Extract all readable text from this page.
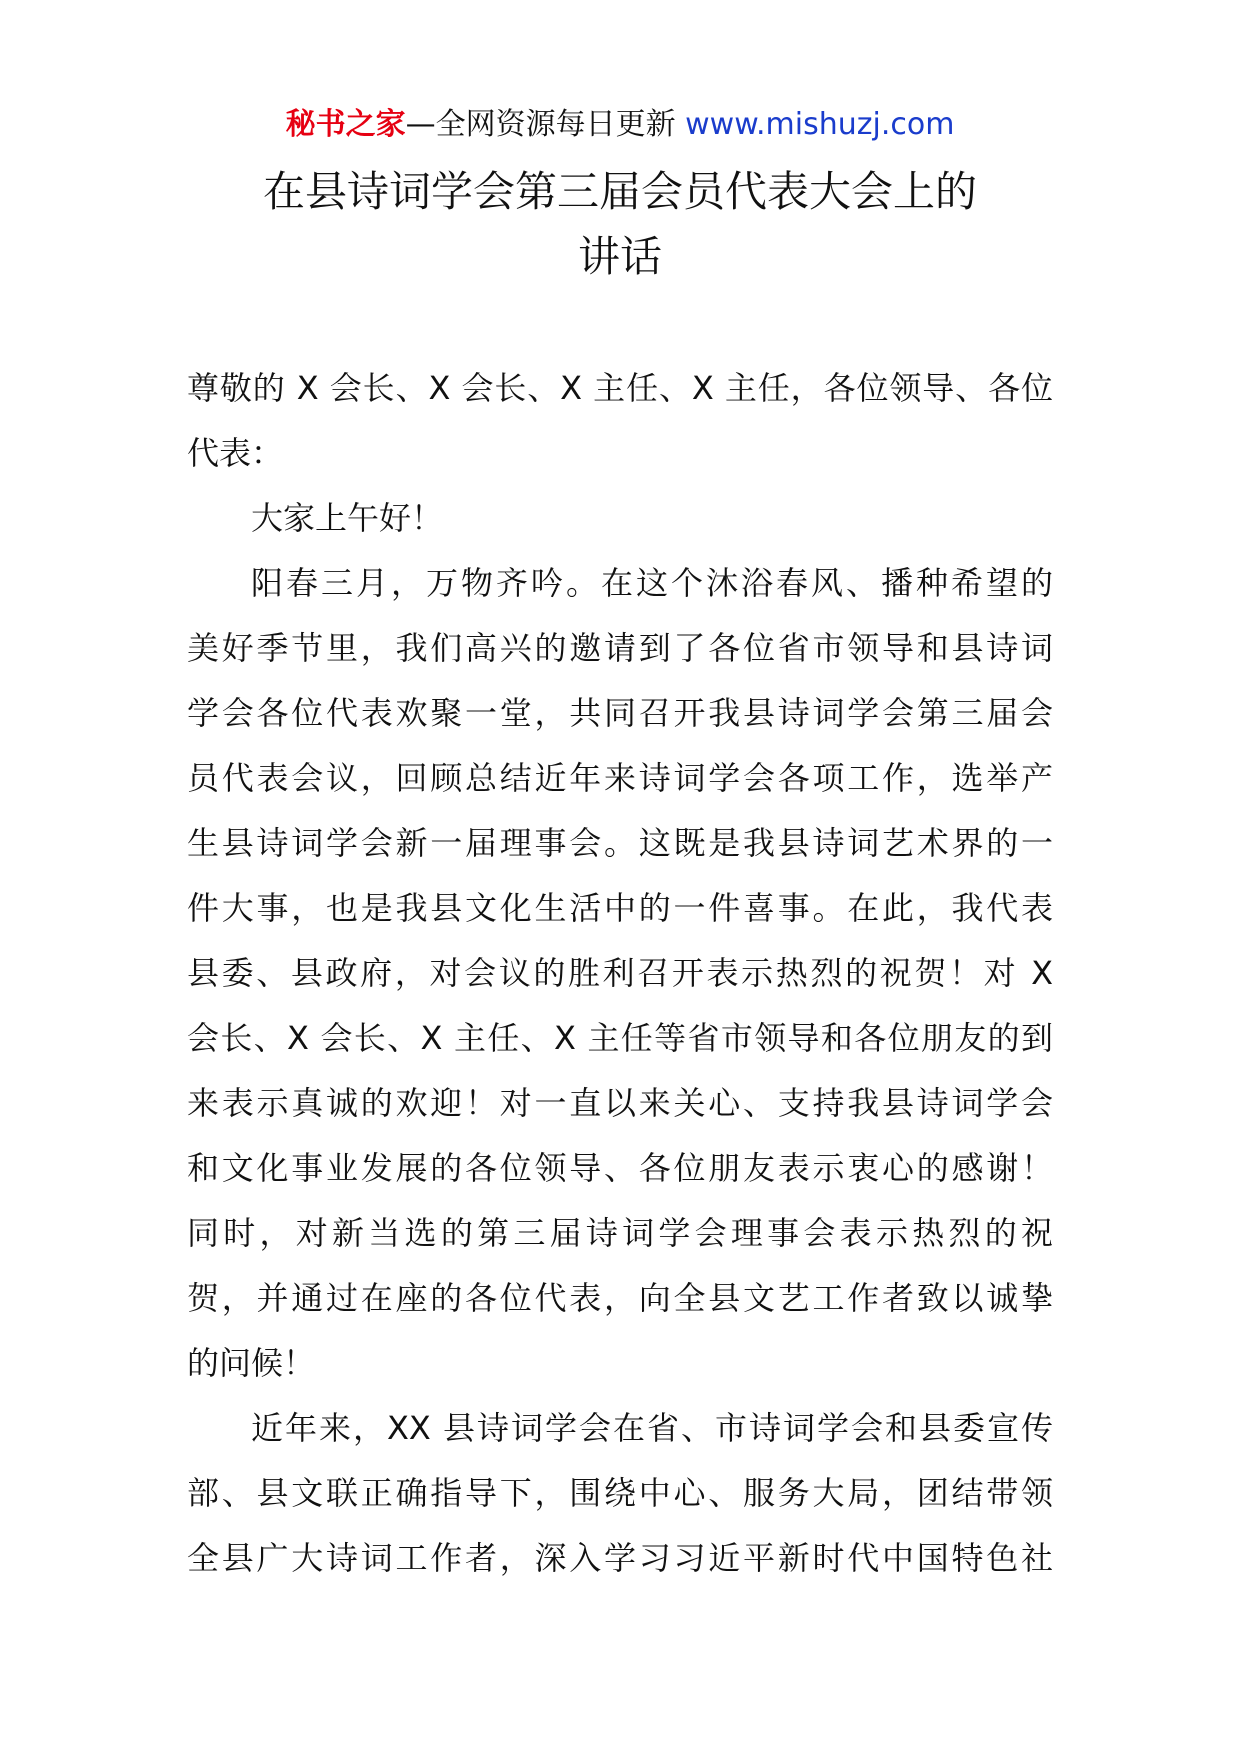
秘书之家—全网资源每日更新 www.mishuzj.com
在县诗词学会第三届会员代表大会上的
讲话
尊敬的 X 会长、X 会长、X 主任、X 主任，各位领导、各位
代表：
大家上午好！
阳春三月，万物齐吟。在这个沐浴春风、播种希望的
美好季节里，我们高兴的邀请到了各位省市领导和县诗词
学会各位代表欢聚一堂，共同召开我县诗词学会第三届会
员代表会议，回顾总结近年来诗词学会各项工作，选举产
生县诗词学会新一届理事会。这既是我县诗词艺术界的一
件大事，也是我县文化生活中的一件喜事。在此，我代表
县委、县政府，对会议的胜利召开表示热烈的祝贺！对 X
会长、X 会长、X 主任、X 主任等省市领导和各位朋友的到
来表示真诚的欢迎！对一直以来关心、支持我县诗词学会
和文化事业发展的各位领导、各位朋友表示衷心的感谢！
同时，对新当选的第三届诗词学会理事会表示热烈的祝
贺，并通过在座的各位代表，向全县文艺工作者致以诚挚
的问候！
近年来，XX 县诗词学会在省、市诗词学会和县委宣传
部、县文联正确指导下，围绕中心、服务大局，团结带领
全县广大诗词工作者，深入学习习近平新时代中国特色社
